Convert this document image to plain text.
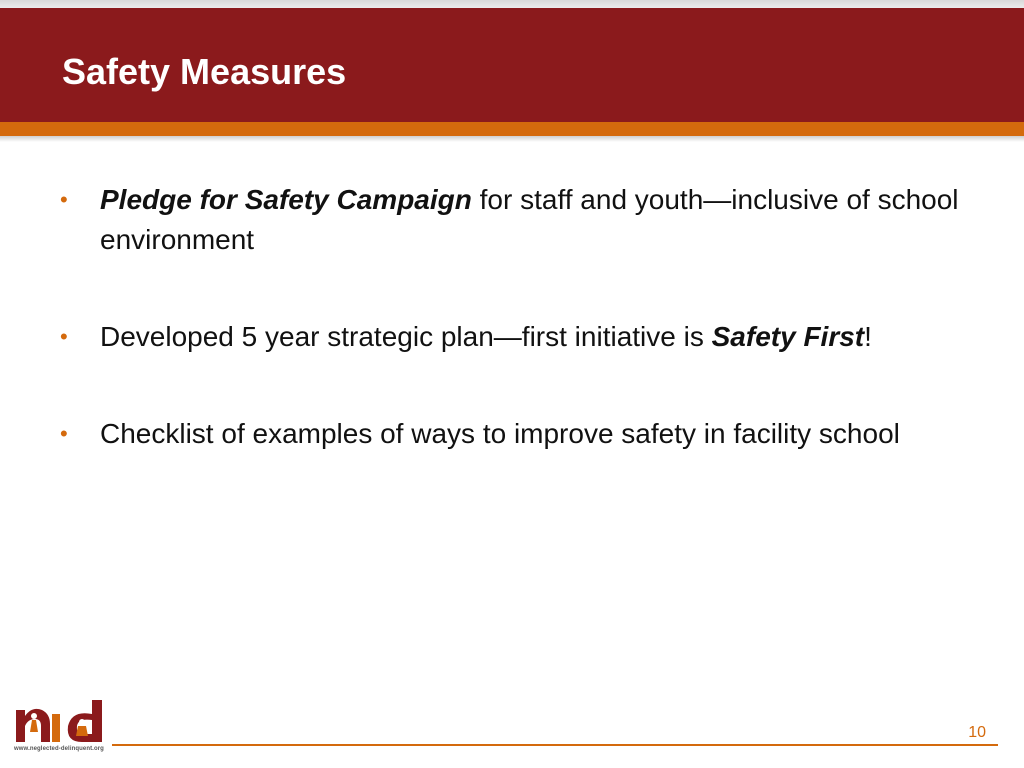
Safety Measures
• Pledge for Safety Campaign for staff and youth—inclusive of school environment
• Developed 5 year strategic plan—first initiative is Safety First!
• Checklist of examples of ways to improve safety in facility school
www.neglected-delinquent.org
10
